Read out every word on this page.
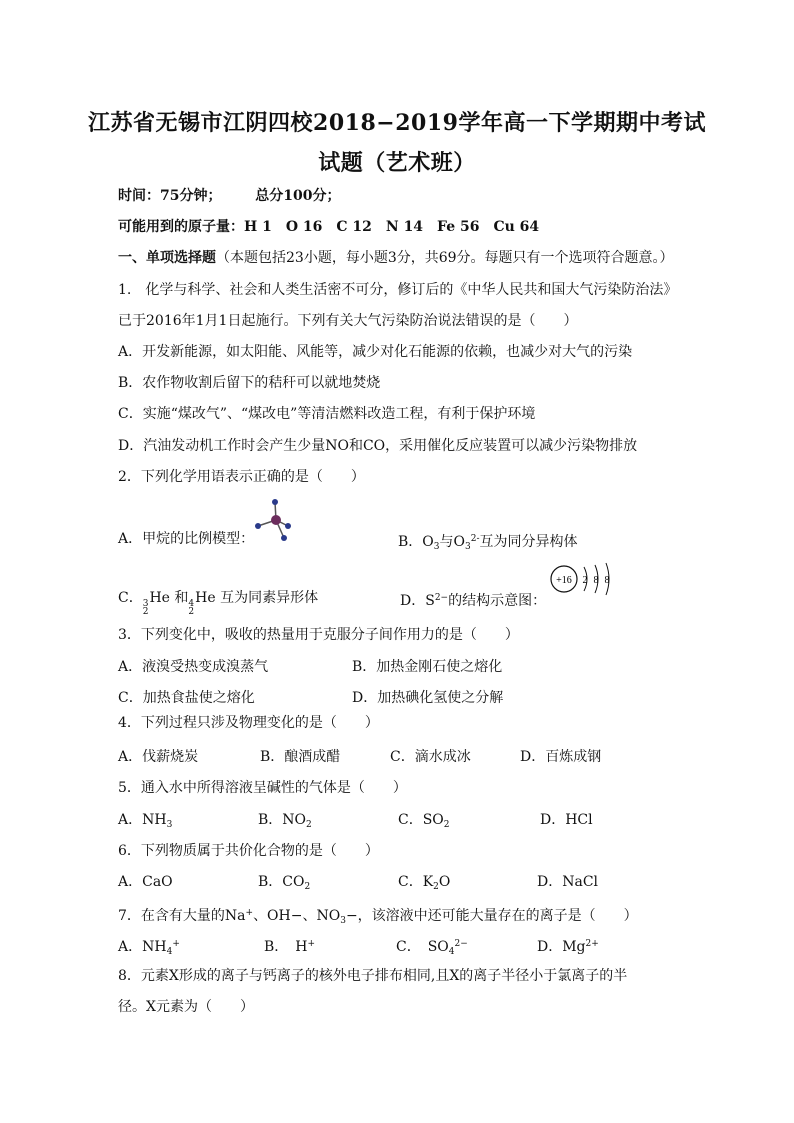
江苏省无锡市江阴四校2018−2019学年高一下学期期中考试
试题（艺术班）
时间：75分钟； 总分100分；
可能用到的原子量：H 1　O 16　C 12　N 14　Fe 56　Cu 64
一、单项选择题（本题包括23小题，每小题3分，共69分。每题只有一个选项符合题意。）
1.　化学与科学、社会和人类生活密不可分，修订后的《中华人民共和国大气污染防治法》
已于2016年1月1日起施行。下列有关大气污染防治说法错误的是（　　）
A．开发新能源，如太阳能、风能等，减少对化石能源的依赖，也减少对大气的污染
B．农作物收割后留下的秸秆可以就地焚烧
C．实施“煤改气”、“煤改电”等清洁燃料改造工程，有利于保护环境
D．汽油发动机工作时会产生少量NO和CO，采用催化反应装置可以减少污染物排放
2．下列化学用语表示正确的是（　　）
A．甲烷的比例模型：	B．$O_3$与$O_3^{2-}$互为同分异构体
C． 3
2
He 和 4
2
He 互为同素异形体	D．$S^{2-}$的结构示意图：
+16 2 8 8
3．下列变化中，吸收的热量用于克服分子间作用力的是（　　）
A．液溴受热变成溴蒸气	B．加热金刚石使之熔化
C．加热食盐使之熔化	D．加热碘化氢使之分解
4．下列过程只涉及物理变化的是（　　）
A．伐薪烧炭	B．酿酒成醋	C．滴水成冰	D．百炼成钢
5．通入水中所得溶液呈碱性的气体是（　　）
A．$NH_3$	B．$NO_2$	C．$SO_2$	D．HCl
6．下列物质属于共价化合物的是（　　）
A．CaO	B．$CO_2$	C．$K_2O$	D．NaCl
7．在含有大量的Na+、OH−、$NO_3-$，该溶液中还可能大量存在的离子是（　　）
A．$NH_4^+$	B．　H+	C．　$SO_4^{2-}$	D．$Mg^{2+}$
8．元素X形成的离子与钙离子的核外电子排布相同,且X的离子半径小于氯离子的半
径。X元素为（　　）
